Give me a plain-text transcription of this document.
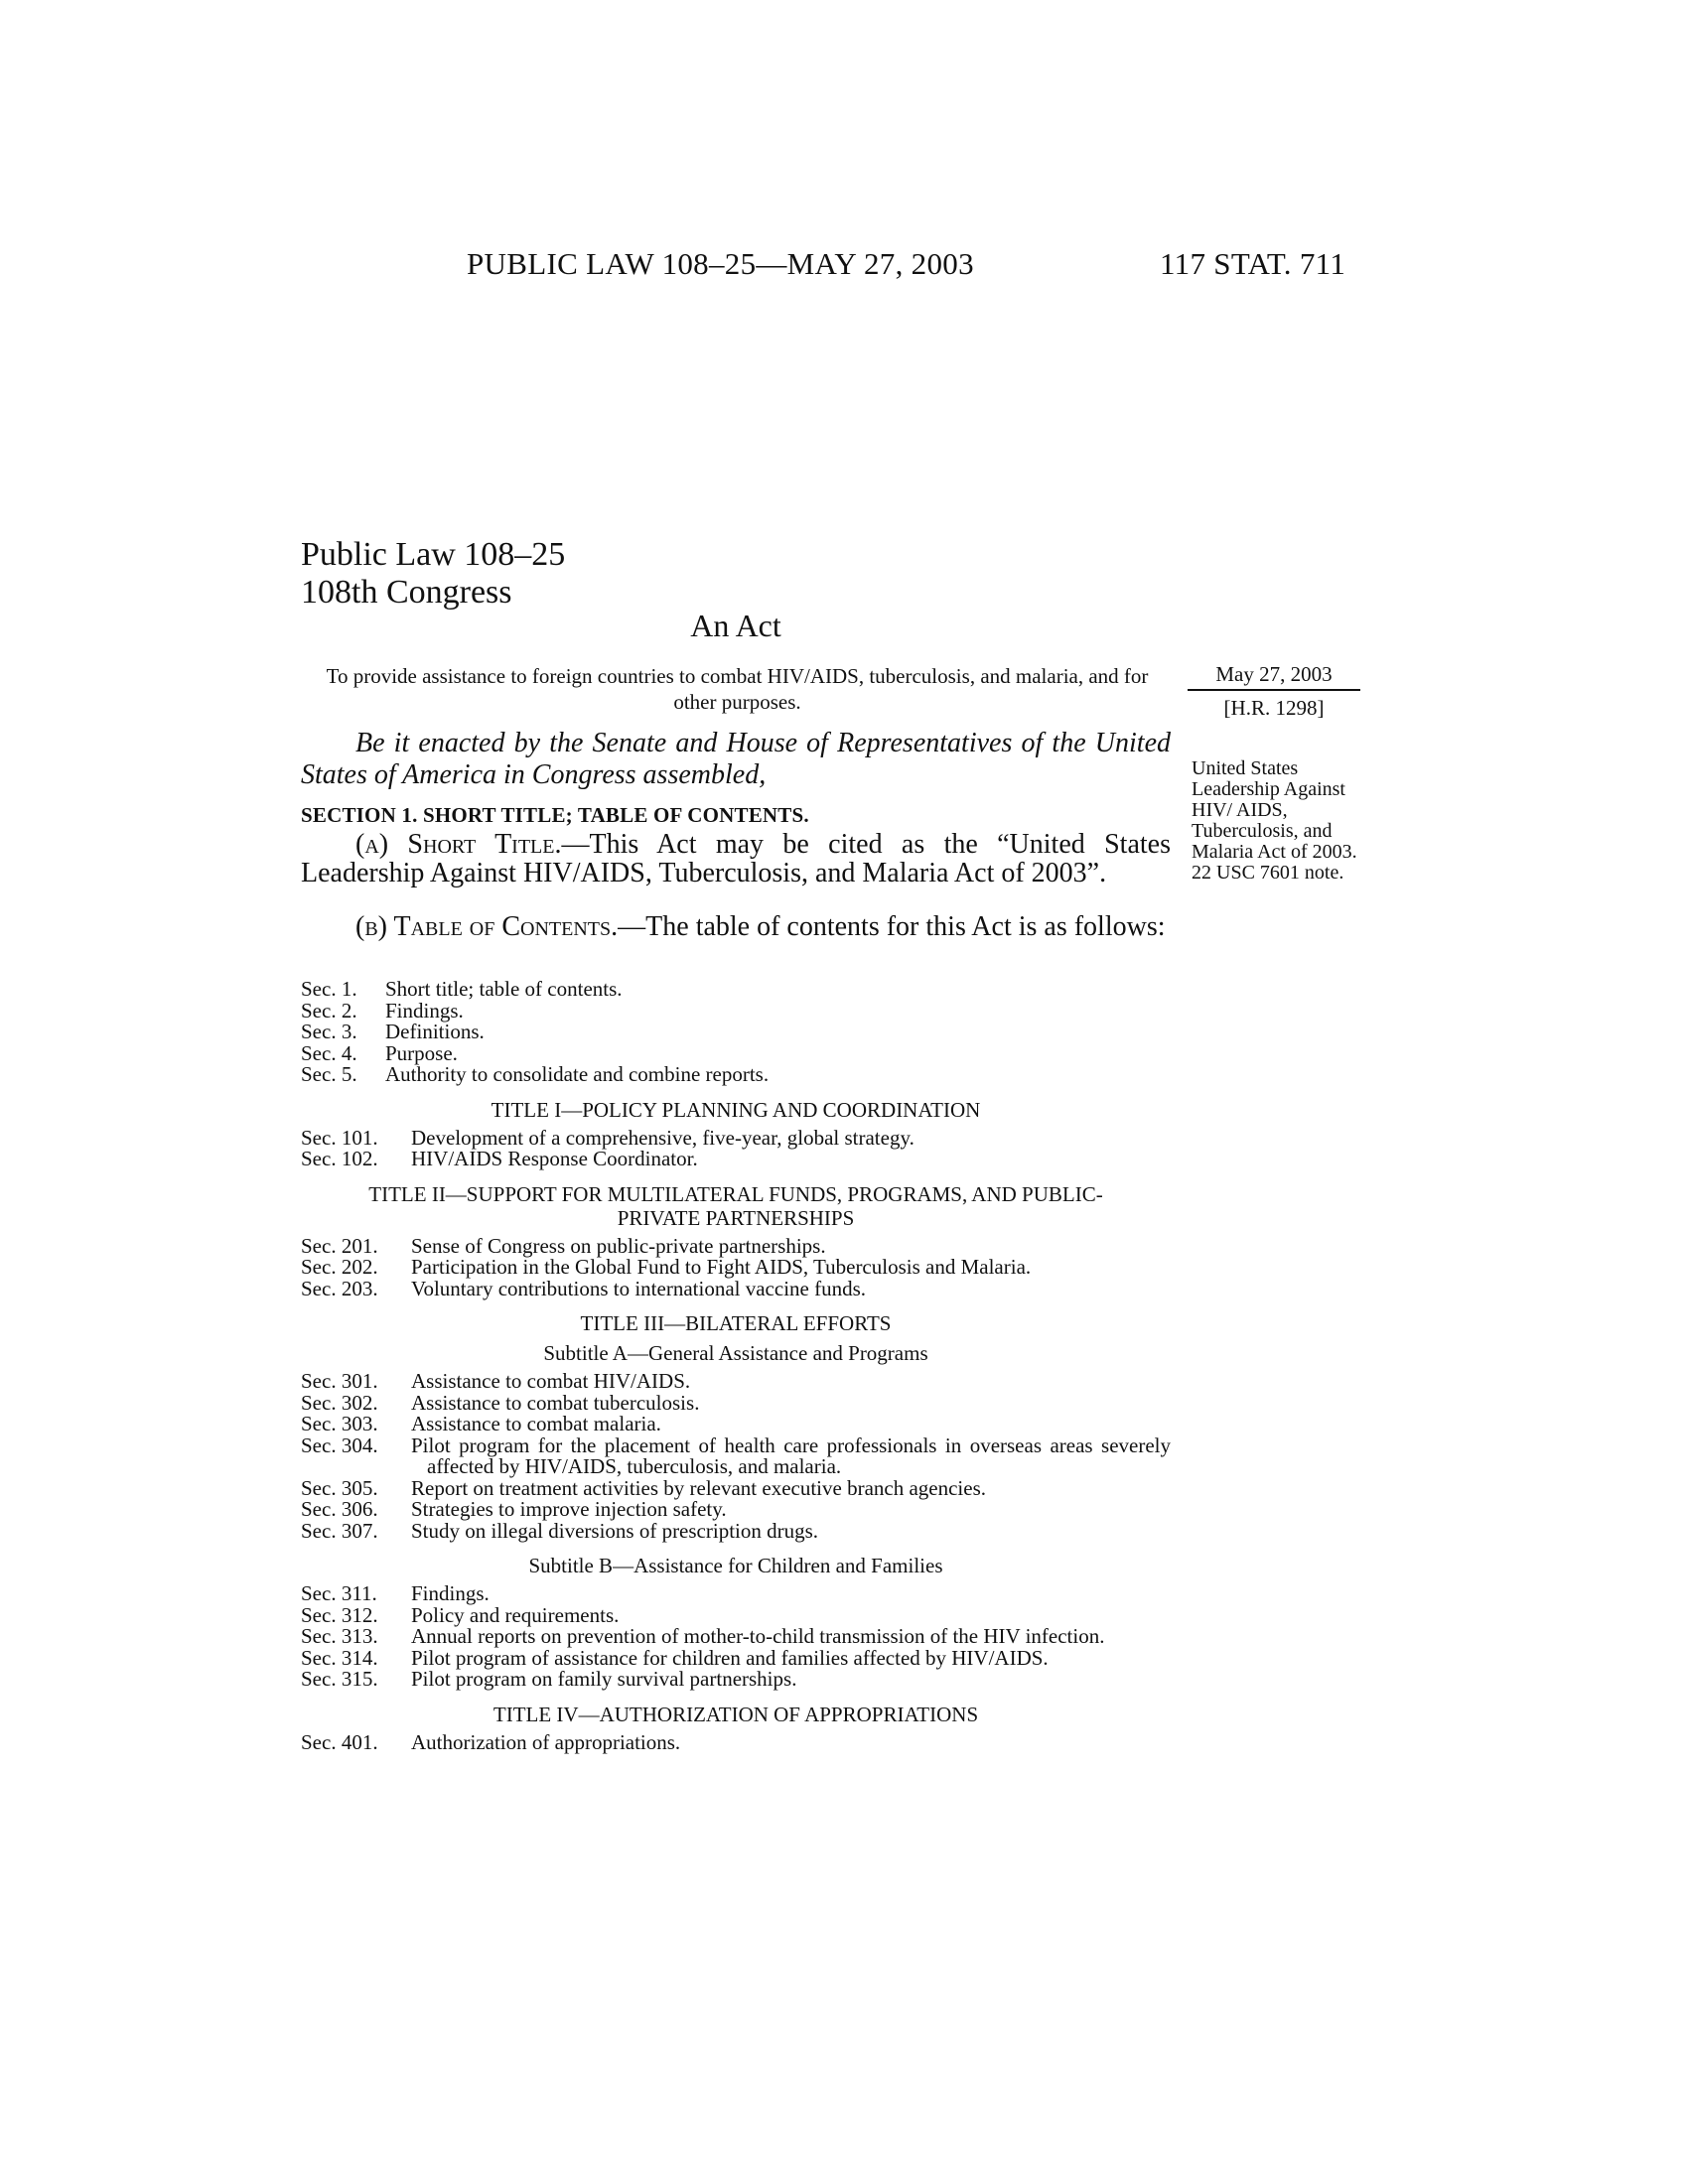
PUBLIC LAW 108–25—MAY 27, 2003	117 STAT. 711
Public Law 108–25
108th Congress
An Act
To provide assistance to foreign countries to combat HIV/AIDS, tuberculosis, and malaria, and for other purposes.
May 27, 2003
[H.R. 1298]
United States Leadership Against HIV/ AIDS, Tuberculosis, and Malaria Act of 2003.
22 USC 7601 note.
Be it enacted by the Senate and House of Representatives of the United States of America in Congress assembled,
SECTION 1. SHORT TITLE; TABLE OF CONTENTS.
(a) Short Title.—This Act may be cited as the “United States Leadership Against HIV/AIDS, Tuberculosis, and Malaria Act of 2003”.
(b) Table of Contents.—The table of contents for this Act is as follows:
Sec. 1. Short title; table of contents.
Sec. 2. Findings.
Sec. 3. Definitions.
Sec. 4. Purpose.
Sec. 5. Authority to consolidate and combine reports.
TITLE I—POLICY PLANNING AND COORDINATION
Sec. 101. Development of a comprehensive, five-year, global strategy.
Sec. 102. HIV/AIDS Response Coordinator.
TITLE II—SUPPORT FOR MULTILATERAL FUNDS, PROGRAMS, AND PUBLIC-PRIVATE PARTNERSHIPS
Sec. 201. Sense of Congress on public-private partnerships.
Sec. 202. Participation in the Global Fund to Fight AIDS, Tuberculosis and Malaria.
Sec. 203. Voluntary contributions to international vaccine funds.
TITLE III—BILATERAL EFFORTS
Subtitle A—General Assistance and Programs
Sec. 301. Assistance to combat HIV/AIDS.
Sec. 302. Assistance to combat tuberculosis.
Sec. 303. Assistance to combat malaria.
Sec. 304. Pilot program for the placement of health care professionals in overseas areas severely affected by HIV/AIDS, tuberculosis, and malaria.
Sec. 305. Report on treatment activities by relevant executive branch agencies.
Sec. 306. Strategies to improve injection safety.
Sec. 307. Study on illegal diversions of prescription drugs.
Subtitle B—Assistance for Children and Families
Sec. 311. Findings.
Sec. 312. Policy and requirements.
Sec. 313. Annual reports on prevention of mother-to-child transmission of the HIV infection.
Sec. 314. Pilot program of assistance for children and families affected by HIV/AIDS.
Sec. 315. Pilot program on family survival partnerships.
TITLE IV—AUTHORIZATION OF APPROPRIATIONS
Sec. 401. Authorization of appropriations.
